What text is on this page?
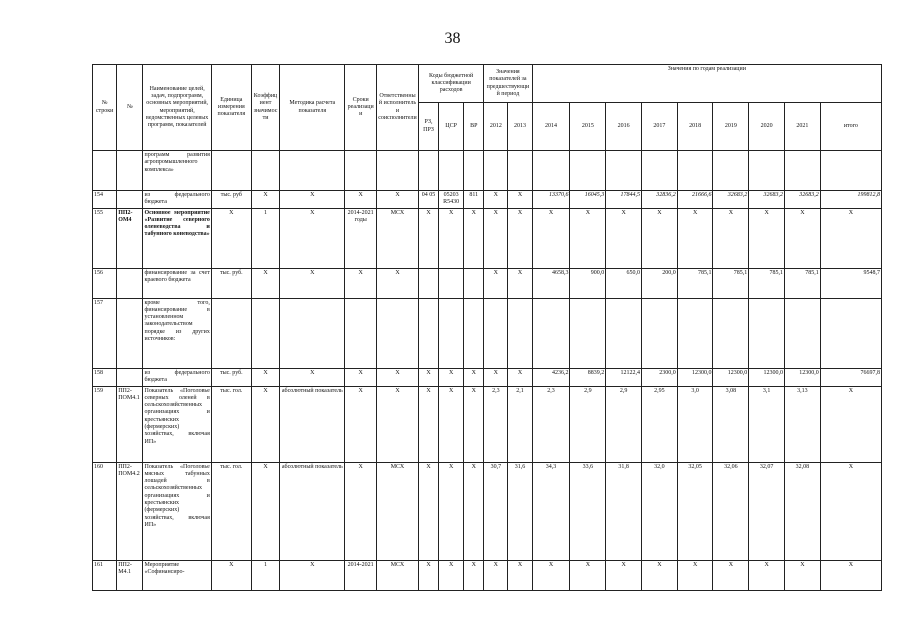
38
№ строки	№	Наименование целей, задач, подпрограмм, основных мероприятий, мероприятий, ведомственных целевых программ, показателей	Единица измерения показателя	Коэффициент значимости	Методика расчета показателя	Сроки реализации	Ответственный исполнитель и соисполнители	Коды бюджетной классификации расходов			Значения показателей за предшествующий период		Значения по годам реализации								
								РЗ, ПРЗ	ЦСР	ВР	2012	2013	2014	2015	2016	2017	2018	2019	2020	2021	итого
		программ развития агропромышленного комплекса»																			
154		из федерального бюджета	тыс. руб	X	X	X	X	04 05	05203 R5430	811	X	X	13370,6	16045,3	17844,5	32836,2	21666,6	32683,2	32683,2	32683,2	199812,8
155	ПП2-ОМ4	Основное мероприятие «Развитие северного оленеводства и табунного коневодства»	X	1	X	2014-2021 годы	МСХ	X	X	X	X	X	X	X	X	X	X	X	X	X	X
156		финансирование за счет краевого бюджета	тыс. руб.	X	X	X	X				X	X	4658,3	900,0	650,0	200,0	785,1	785,1	785,1	785,1	9548,7
157		кроме того, финансирование в установленном законодательством порядке из других источников:																			
158		из федерального бюджета	тыс. руб.	X	X	X	X	X	X	X	X	X	4236,2	8839,2	12122,4	2300,0	12300,0	12300,0	12300,0	12300,0	76697,8
159	ПП2-ПОМ4.1	Показатель «Поголовье северных оленей в сельскохозяйственных организациях и крестьянских (фермерских) хозяйствах, включая ИП»	тыс. гол.	X	абсолютный показатель	X	X	X	X	X	2,3	2,1	2,3	2,9	2,9	2,95	3,0	3,08	3,1	3,13	X
160	ПП2-ПОМ4.2	Показатель «Поголовье мясных табунных лошадей в сельскохозяйственных организациях и крестьянских (фермерских) хозяйствах, включая ИП»	тыс. гол.	X	абсолютный показатель	X	МСХ	X	X	X	30,7	31,6	34,3	33,6	31,8	32,0	32,05	32,06	32,07	32,08	X
161	ПП2-М4.1	Мероприятие «Софинансиро-	X	1	X	2014-2021	МСХ	X	X	X	X	X	X	X	X	X	X	X	X	X	X
